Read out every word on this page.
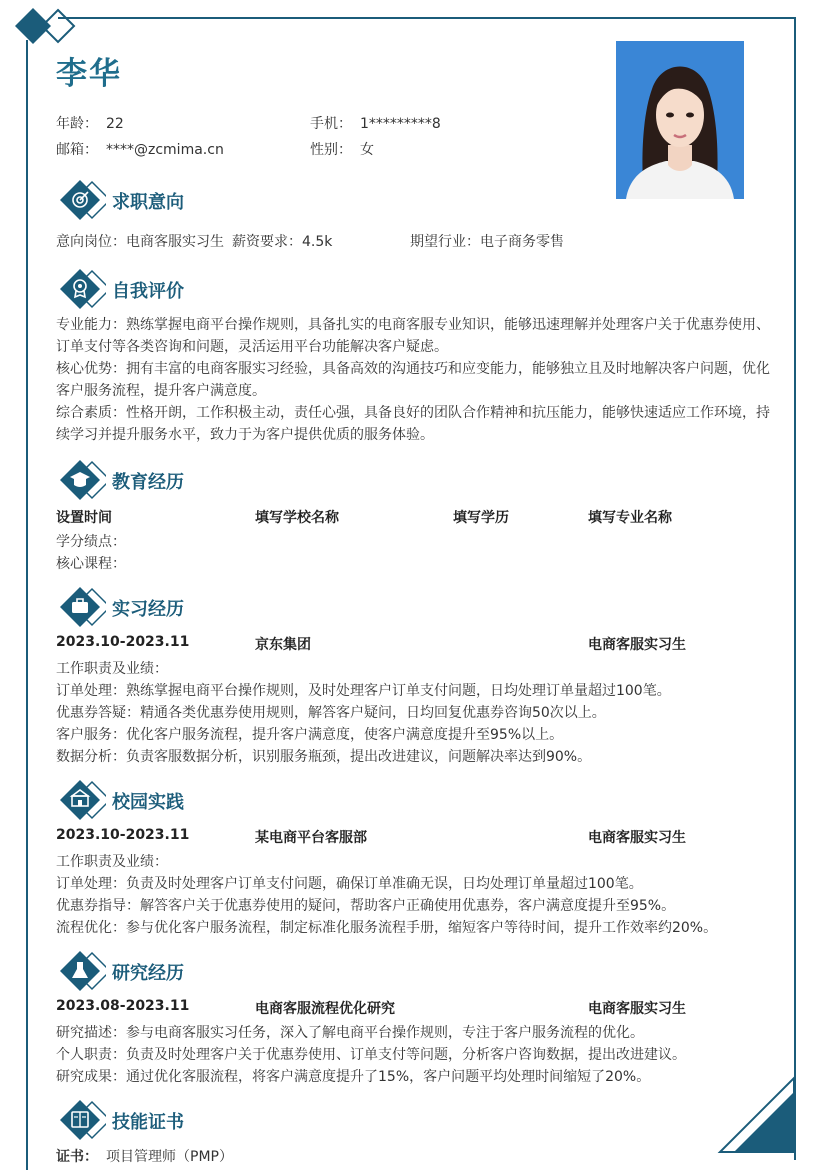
李华
年龄： 22	手机： 1*********8
邮箱： ****@zcmima.cn	性别： 女
求职意向
意向岗位：电商客服实习生 薪资要求：4.5k	期望行业：电子商务零售
自我评价
专业能力：熟练掌握电商平台操作规则，具备扎实的电商客服专业知识，能够迅速理解并处理客户关于优惠券使用、订单支付等各类咨询和问题，灵活运用平台功能解决客户疑虑。
核心优势：拥有丰富的电商客服实习经验，具备高效的沟通技巧和应变能力，能够独立且及时地解决客户问题，优化客户服务流程，提升客户满意度。
综合素质：性格开朗，工作积极主动，责任心强，具备良好的团队合作精神和抗压能力，能够快速适应工作环境，持续学习并提升服务水平，致力于为客户提供优质的服务体验。
教育经历
设置时间	填写学校名称	填写学历	填写专业名称
学分绩点：
核心课程：
实习经历
2023.10-2023.11	京东集团	电商客服实习生
工作职责及业绩：
订单处理：熟练掌握电商平台操作规则，及时处理客户订单支付问题，日均处理订单量超过100笔。
优惠券答疑：精通各类优惠券使用规则，解答客户疑问，日均回复优惠券咨询50次以上。
客户服务：优化客户服务流程，提升客户满意度，使客户满意度提升至95%以上。
数据分析：负责客服数据分析，识别服务瓶颈，提出改进建议，问题解决率达到90%。
校园实践
2023.10-2023.11	某电商平台客服部	电商客服实习生
工作职责及业绩：
订单处理：负责及时处理客户订单支付问题，确保订单准确无误，日均处理订单量超过100笔。
优惠券指导：解答客户关于优惠券使用的疑问，帮助客户正确使用优惠券，客户满意度提升至95%。
流程优化：参与优化客户服务流程，制定标准化服务流程手册，缩短客户等待时间，提升工作效率约20%。
研究经历
2023.08-2023.11	电商客服流程优化研究	电商客服实习生
研究描述：参与电商客服实习任务，深入了解电商平台操作规则，专注于客户服务流程的优化。
个人职责：负责及时处理客户关于优惠券使用、订单支付等问题，分析客户咨询数据，提出改进建议。
研究成果：通过优化客服流程，将客户满意度提升了15%，客户问题平均处理时间缩短了20%。
技能证书
证书： 项目管理师（PMP）
